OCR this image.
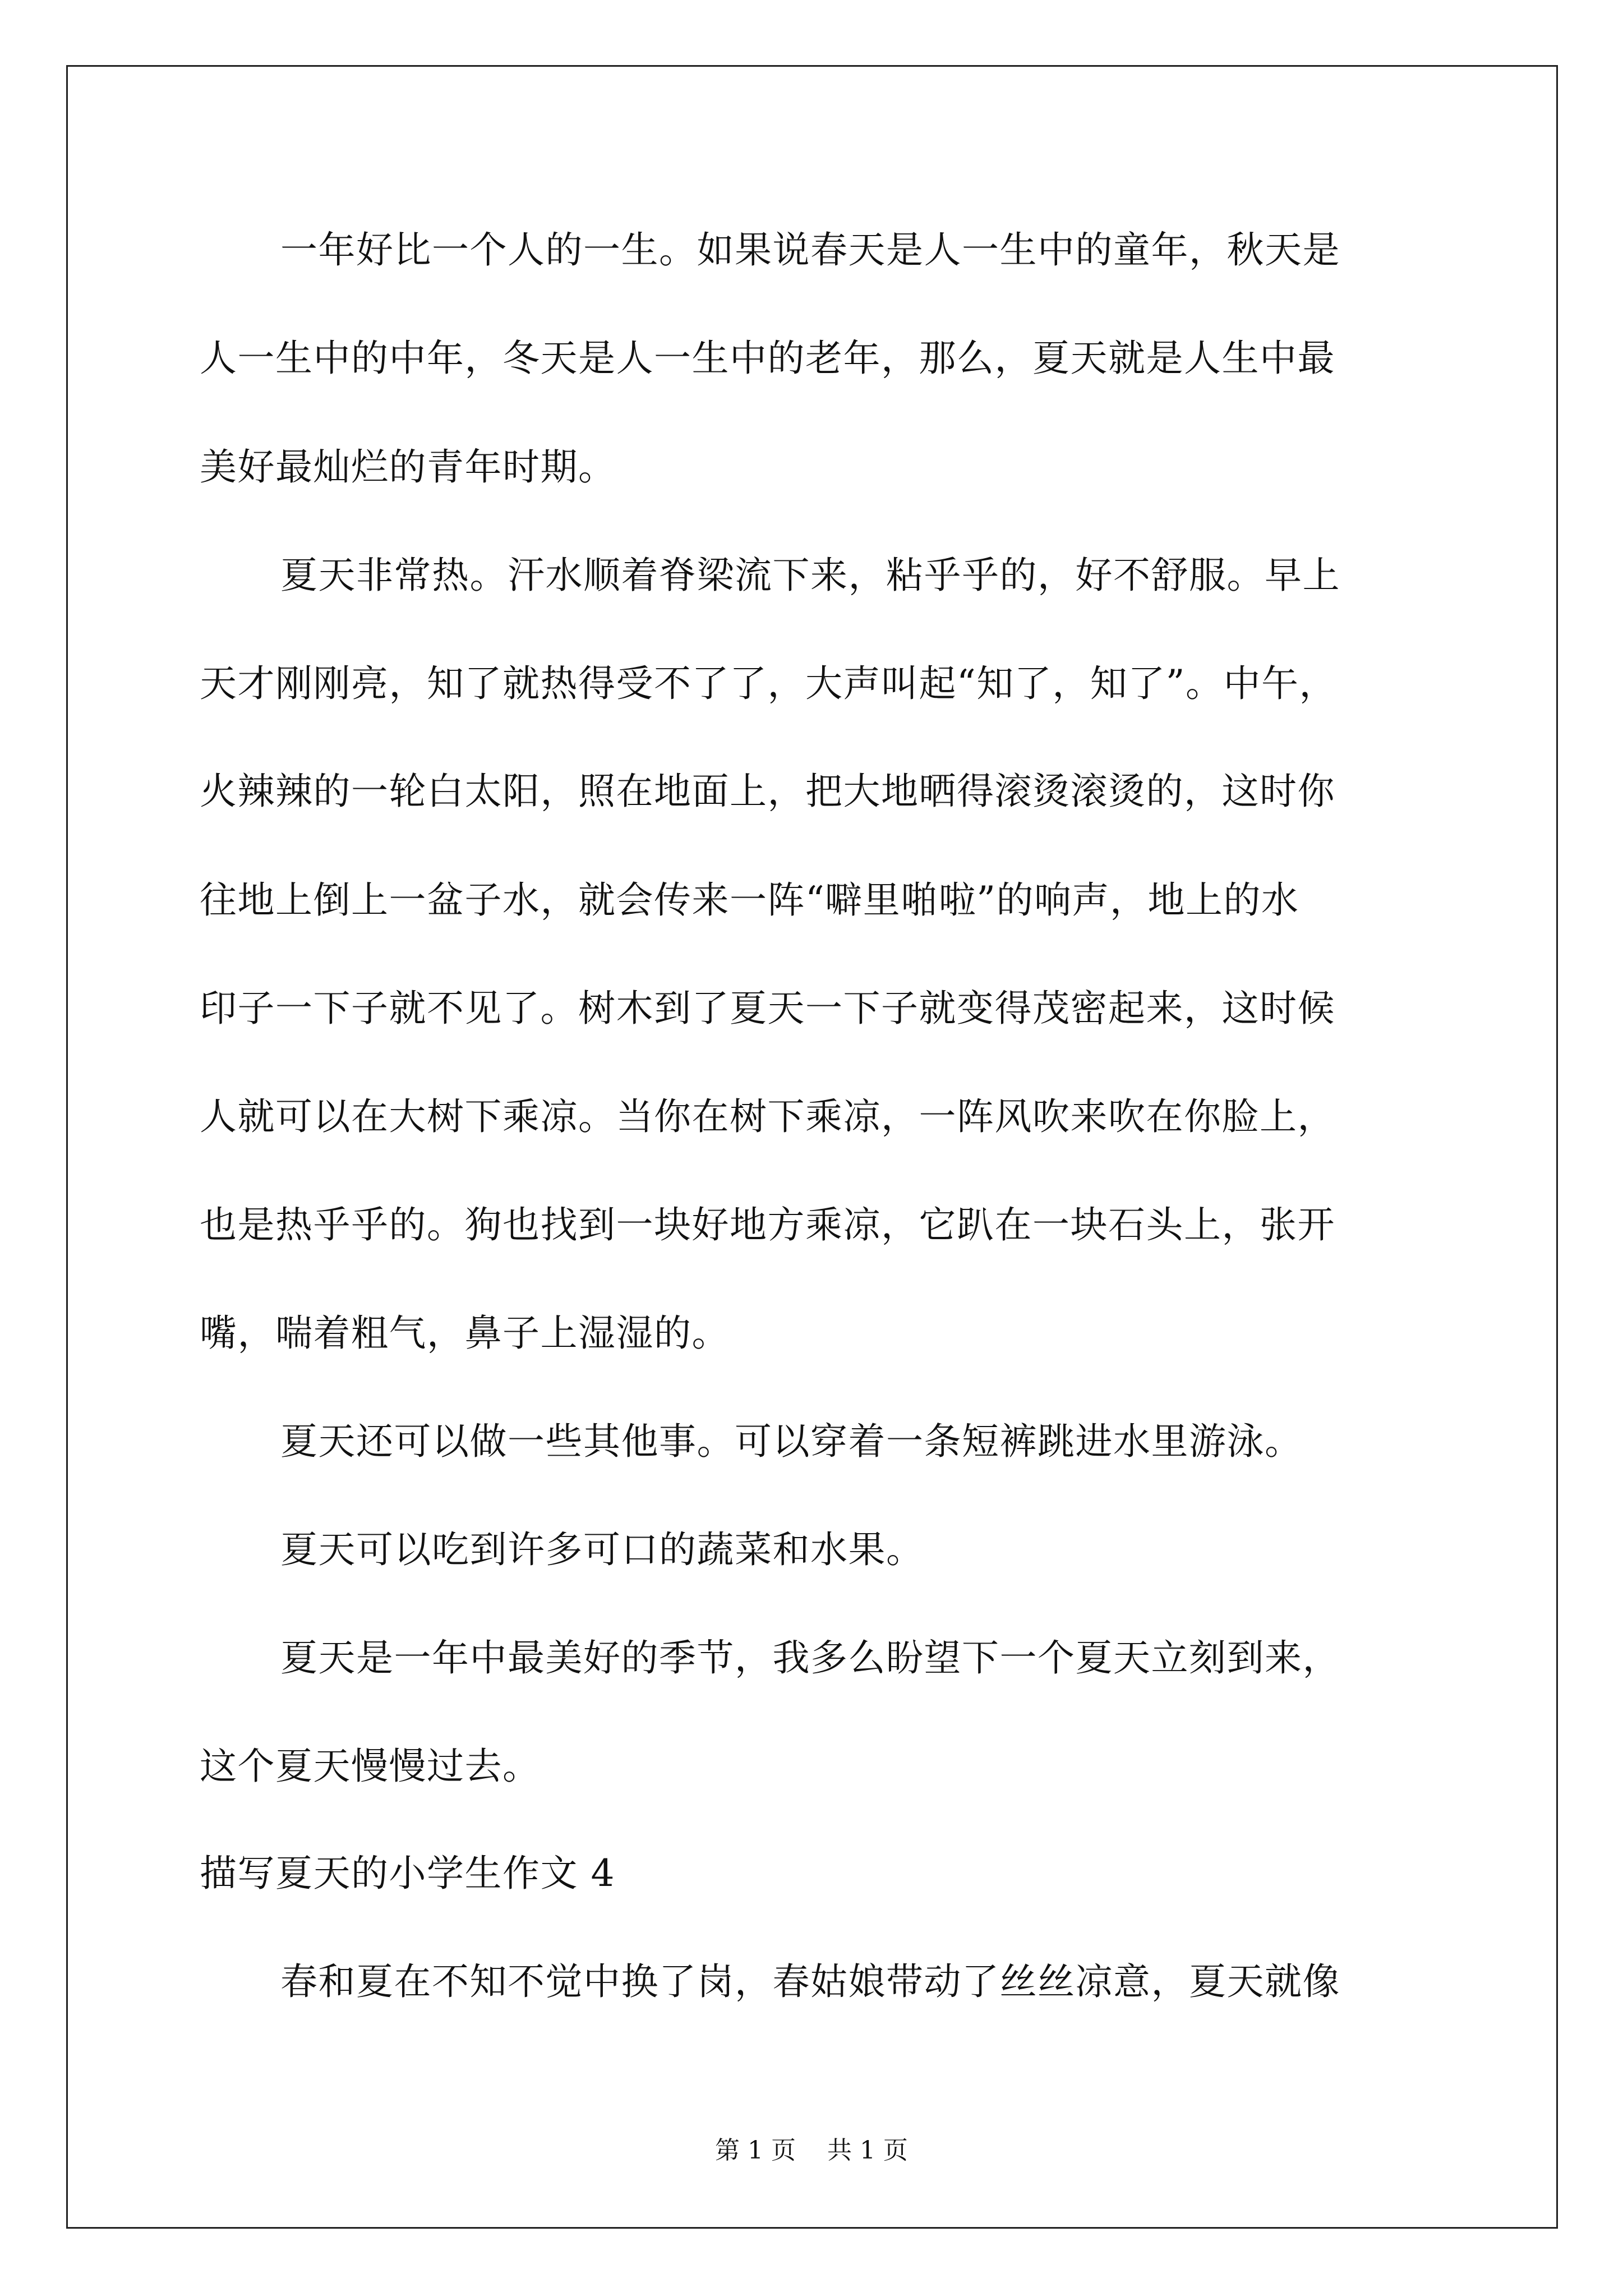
一年好比一个人的一生。如果说春天是人一生中的童年，秋天是
人一生中的中年，冬天是人一生中的老年，那么，夏天就是人生中最
美好最灿烂的青年时期。
夏天非常热。汗水顺着脊梁流下来，粘乎乎的，好不舒服。早上
天才刚刚亮，知了就热得受不了了，大声叫起“知了，知了”。中午，
火辣辣的一轮白太阳，照在地面上，把大地晒得滚烫滚烫的，这时你
往地上倒上一盆子水，就会传来一阵“噼里啪啦”的响声，地上的水
印子一下子就不见了。树木到了夏天一下子就变得茂密起来，这时候
人就可以在大树下乘凉。当你在树下乘凉，一阵风吹来吹在你脸上，
也是热乎乎的。狗也找到一块好地方乘凉，它趴在一块石头上，张开
嘴，喘着粗气，鼻子上湿湿的。
夏天还可以做一些其他事。可以穿着一条短裤跳进水里游泳。
夏天可以吃到许多可口的蔬菜和水果。
夏天是一年中最美好的季节，我多么盼望下一个夏天立刻到来，
这个夏天慢慢过去。
描写夏天的小学生作文 4
春和夏在不知不觉中换了岗，春姑娘带动了丝丝凉意，夏天就像
第 1 页    共 1 页
